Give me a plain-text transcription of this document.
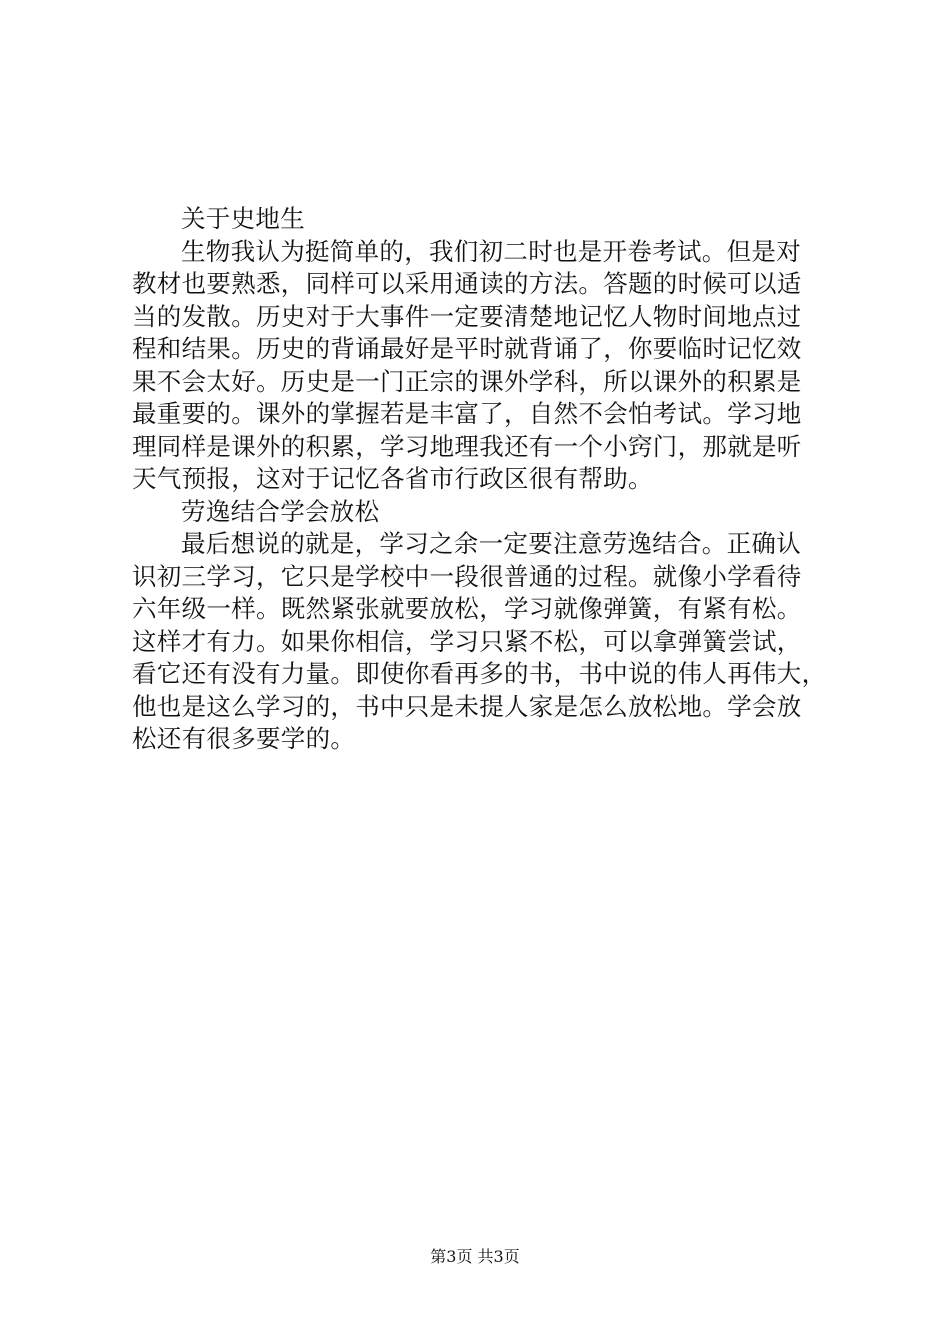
关于史地生
生物我认为挺简单的，我们初二时也是开卷考试。但是对
教材也要熟悉，同样可以采用通读的方法。答题的时候可以适
当的发散。历史对于大事件一定要清楚地记忆人物时间地点过
程和结果。历史的背诵最好是平时就背诵了，你要临时记忆效
果不会太好。历史是一门正宗的课外学科，所以课外的积累是
最重要的。课外的掌握若是丰富了，自然不会怕考试。学习地
理同样是课外的积累，学习地理我还有一个小窍门，那就是听
天气预报，这对于记忆各省市行政区很有帮助。
劳逸结合学会放松
最后想说的就是，学习之余一定要注意劳逸结合。正确认
识初三学习，它只是学校中一段很普通的过程。就像小学看待
六年级一样。既然紧张就要放松，学习就像弹簧，有紧有松。
这样才有力。如果你相信，学习只紧不松，可以拿弹簧尝试，
看它还有没有力量。即使你看再多的书，书中说的伟人再伟大，
他也是这么学习的，书中只是未提人家是怎么放松地。学会放
松还有很多要学的。
第3页 共3页
